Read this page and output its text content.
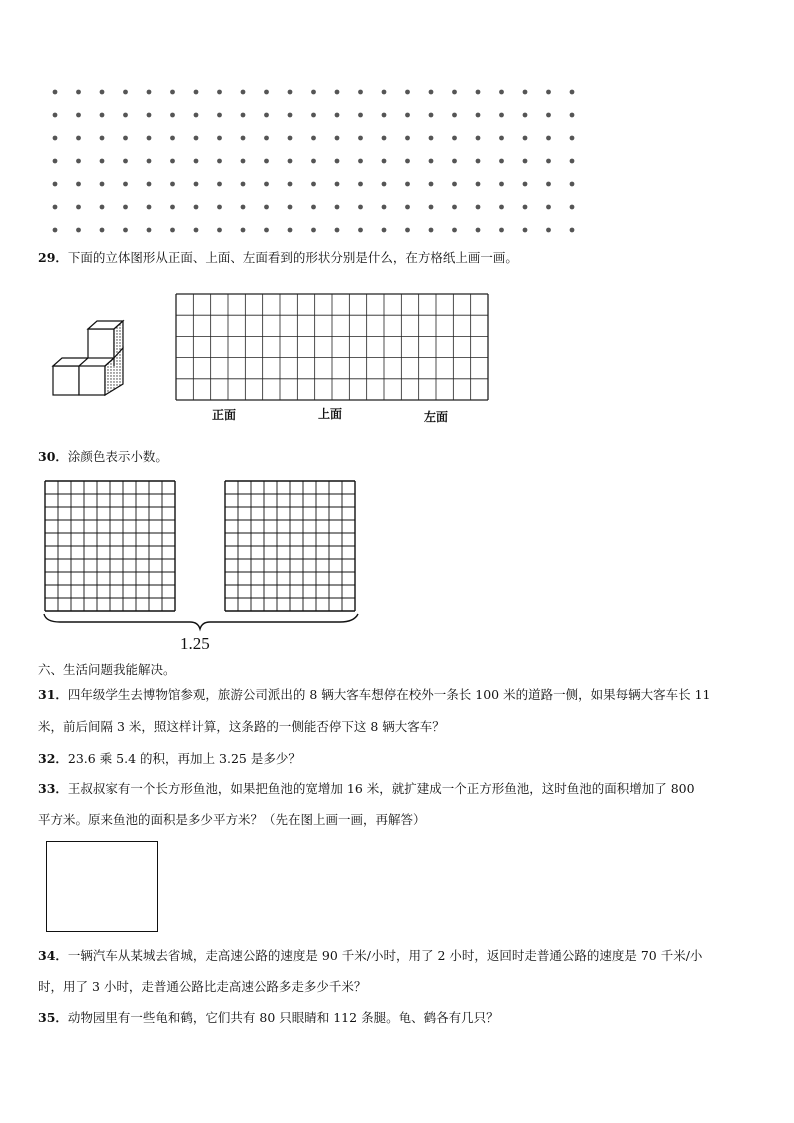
29．下面的立体图形从正面、上面、左面看到的形状分别是什么，在方格纸上画一画。
正面	上面	左面
30．涂颜色表示小数。
1.25
六、生活问题我能解决。
31．四年级学生去博物馆参观，旅游公司派出的 8 辆大客车想停在校外一条长 100 米的道路一侧，如果每辆大客车长 11
米，前后间隔 3 米，照这样计算，这条路的一侧能否停下这 8 辆大客车？
32．23.6 乘 5.4 的积，再加上 3.25 是多少？
33．王叔叔家有一个长方形鱼池，如果把鱼池的宽增加 16 米，就扩建成一个正方形鱼池，这时鱼池的面积增加了 800
平方米。原来鱼池的面积是多少平方米？（先在图上画一画，再解答）
34．一辆汽车从某城去省城，走高速公路的速度是 90 千米/小时，用了 2 小时，返回时走普通公路的速度是 70 千米/小
时，用了 3 小时，走普通公路比走高速公路多走多少千米？
35．动物园里有一些龟和鹤，它们共有 80 只眼睛和 112 条腿。龟、鹤各有几只？
